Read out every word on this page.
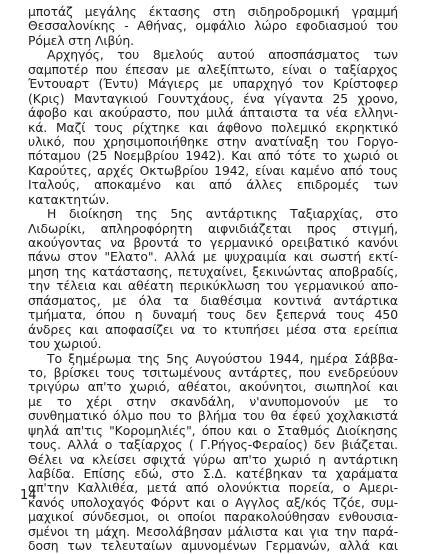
μποτάζ μεγάλης έκτασης στη σιδηροδρομική γραμμή
Θεσσαλονίκης - Αθήνας, ομφάλιο λώρο εφοδιασμού του
Ρόμελ στη Λιβύη.
Αρχηγός, του 8μελούς αυτού αποσπάσματος των
σαμποτέρ που έπεσαν με αλεξίπτωτο, είναι ο ταξίαρχος
Έντουαρτ (Έντυ) Μάγιερς με υπαρχηγό τον Κρίστοφερ
(Κρις) Μανταγκιού Γουντχάους, ένα γίγαντα 25 χρονο,
άφοβο και ακούραστο, που μιλά άπταιστα τα νέα ελληνι-
κά. Μαζί τους ρίχτηκε και άφθονο πολεμικό εκρηκτικό
υλικό, που χρησιμοποιήθηκε στην ανατίναξη του Γοργο-
πόταμου (25 Νοεμβρίου 1942). Και από τότε το χωριό οι
Καρούτες, αρχές Οκτωβρίου 1942, είναι καμένο από τους
Ιταλούς, αποκαμένο και από άλλες επιδρομές των
κατακτητών.
Η διοίκηση της 5ης αντάρτικης Ταξιαρχίας, στο
Λιδωρίκι, απληροφόρητη αιφνιδιάζεται προς στιγμή,
ακούγοντας να βροντά το γερμανικό ορειβατικό κανόνι
πάνω στον "Ελατο". Αλλά με ψυχραιμία και σωστή εκτί-
μηση της κατάστασης, πετυχαίνει, ξεκινώντας αποβραδίς,
την τέλεια και αθέατη περικύκλωση του γερμανικού απο-
σπάσματος, με όλα τα διαθέσιμα κοντινά αντάρτικα
τμήματα, όπου η δυναμή τους δεν ξεπερνά τους 450
άνδρες και αποφασίζει να το κτυπήσει μέσα στα ερείπια
του χωριού.
Το ξημέρωμα της 5ης Αυγούστου 1944, ημέρα Σάββα-
το, βρίσκει τους τσιτωμένους αντάρτες, που ενεδρεύουν
τριγύρω απ'το χωριό, αθέατοι, ακούνητοι, σιωπηλοί και
με το χέρι στην σκανδάλη, ν'ανυπομονούν με το
συνθηματικό όλμο που το βλήμα του θα έφεύ χοχλακιστά
ψηλά απ'τις "Κορομηλιές", όπου και ο Σταθμός Διοίκησης
τους. Αλλά ο ταξίαρχος ( Γ.Ρήγος-Φεραίος) δεν βιάζεται.
Θέλει να κλείσει σφιχτά γύρω απ'το χωριό η αντάρτικη
λαβίδα. Επίσης εδώ, στο Σ.Δ. κατέβηκαν τα χαράματα
απ'την Καλλιθέα, μετά από ολονύκτια πορεία, ο Αμερι-
κανός υπολοχαγός Φόρντ και ο Αγγλος αξ/κός Τζόε, συμ-
μαχικοί σύνδεσμοι, οι οποίοι παρακολούθησαν ενθουσια-
σμένοι τη μάχη. Μεσολάβησαν μάλιστα και για την παρά-
δοση των τελευταίων αμυνομένων Γερμανών, αλλά και
14
